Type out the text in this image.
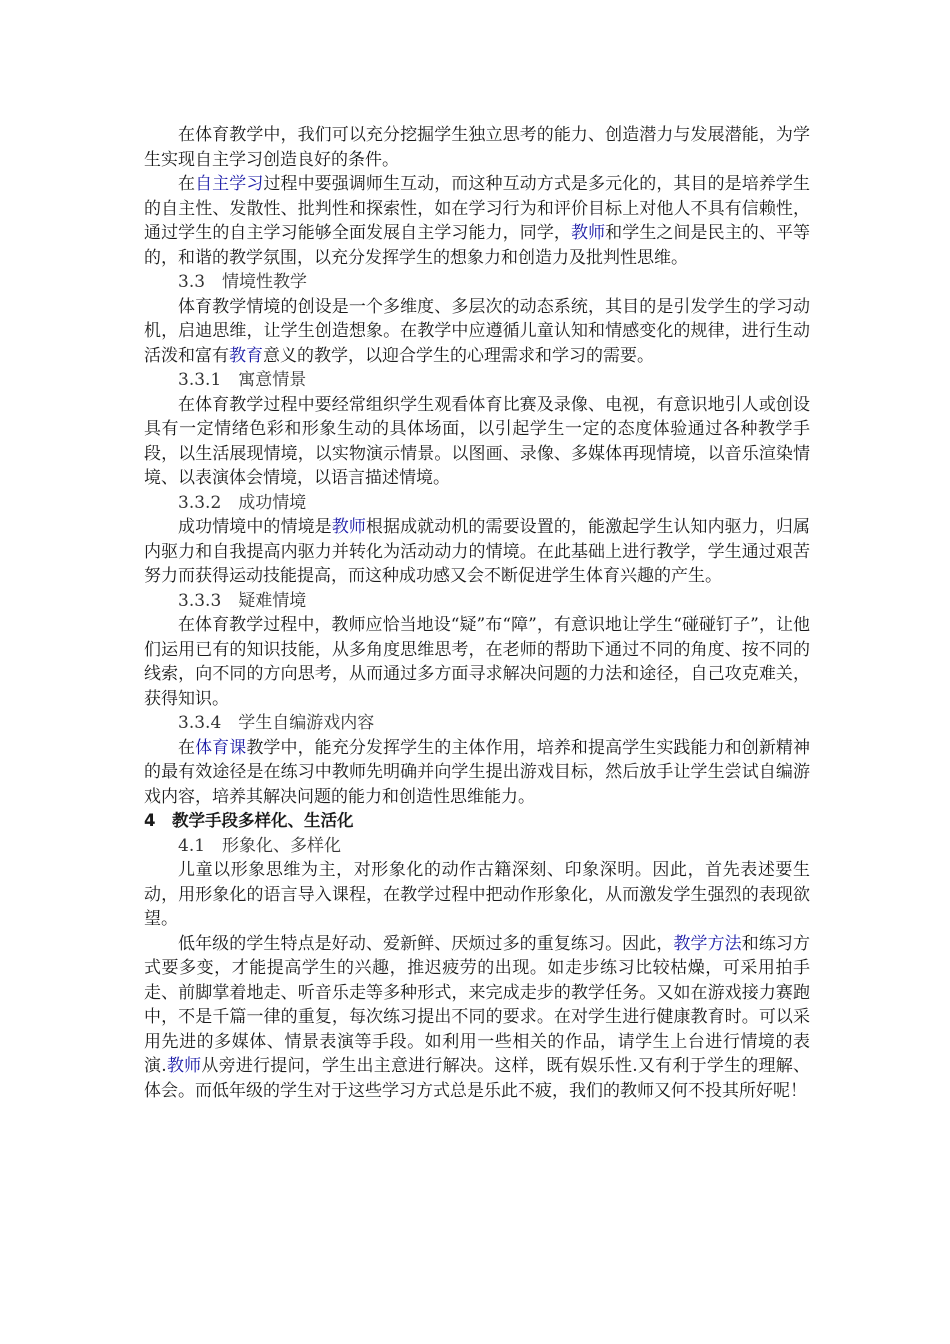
在体育教学中，我们可以充分挖掘学生独立思考的能力、创造潜力与发展潜能，为学生实现自主学习创造良好的条件。

在自主学习过程中要强调师生互动，而这种互动方式是多元化的，其目的是培养学生的自主性、发散性、批判性和探索性，如在学习行为和评价目标上对他人不具有信赖性，通过学生的自主学习能够全面发展自主学习能力，同学，教师和学生之间是民主的、平等的，和谐的教学氛围，以充分发挥学生的想象力和创造力及批判性思维。

3.3　情境性教学

体育教学情境的创设是一个多维度、多层次的动态系统，其目的是引发学生的学习动机，启迪思维，让学生创造想象。在教学中应遵循儿童认知和情感变化的规律，进行生动活泼和富有教育意义的教学，以迎合学生的心理需求和学习的需要。

3.3.1　寓意情景

在体育教学过程中要经常组织学生观看体育比赛及录像、电视，有意识地引人或创设具有一定情绪色彩和形象生动的具体场面，以引起学生一定的态度体验通过各种教学手段，以生活展现情境，以实物演示情景。以图画、录像、多媒体再现情境，以音乐渲染情境、以表演体会情境，以语言描述情境。

3.3.2　成功情境

成功情境中的情境是教师根据成就动机的需要设置的，能激起学生认知内驱力，归属内驱力和自我提高内驱力并转化为活动动力的情境。在此基础上进行教学，学生通过艰苦努力而获得运动技能提高，而这种成功感又会不断促进学生体育兴趣的产生。

3.3.3　疑难情境

在体育教学过程中，教师应恰当地设“疑”布“障”，有意识地让学生“碰碰钉子”，让他们运用已有的知识技能，从多角度思维思考，在老师的帮助下通过不同的角度、按不同的线索，向不同的方向思考，从而通过多方面寻求解决问题的力法和途径，自己攻克难关，获得知识。

3.3.4　学生自编游戏内容

在体育课教学中，能充分发挥学生的主体作用，培养和提高学生实践能力和创新精神的最有效途径是在练习中教师先明确并向学生提出游戏目标，然后放手让学生尝试自编游戏内容，培养其解决问题的能力和创造性思维能力。

4　教学手段多样化、生活化

4.1　形象化、多样化

儿童以形象思维为主，对形象化的动作古籍深刻、印象深明。因此，首先表述要生动，用形象化的语言导入课程，在教学过程中把动作形象化，从而激发学生强烈的表现欲望。

低年级的学生特点是好动、爱新鲜、厌烦过多的重复练习。因此，教学方法和练习方式要多变，才能提高学生的兴趣，推迟疲劳的出现。如走步练习比较枯燥，可采用拍手走、前脚掌着地走、听音乐走等多种形式，来完成走步的教学任务。又如在游戏接力赛跑中，不是千篇一律的重复，每次练习提出不同的要求。在对学生进行健康教育时。可以采用先进的多媒体、情景表演等手段。如利用一些相关的作品，请学生上台进行情境的表演.教师从旁进行提问，学生出主意进行解决。这样，既有娱乐性.又有利于学生的理解、体会。而低年级的学生对于这些学习方式总是乐此不疲，我们的教师又何不投其所好呢！
